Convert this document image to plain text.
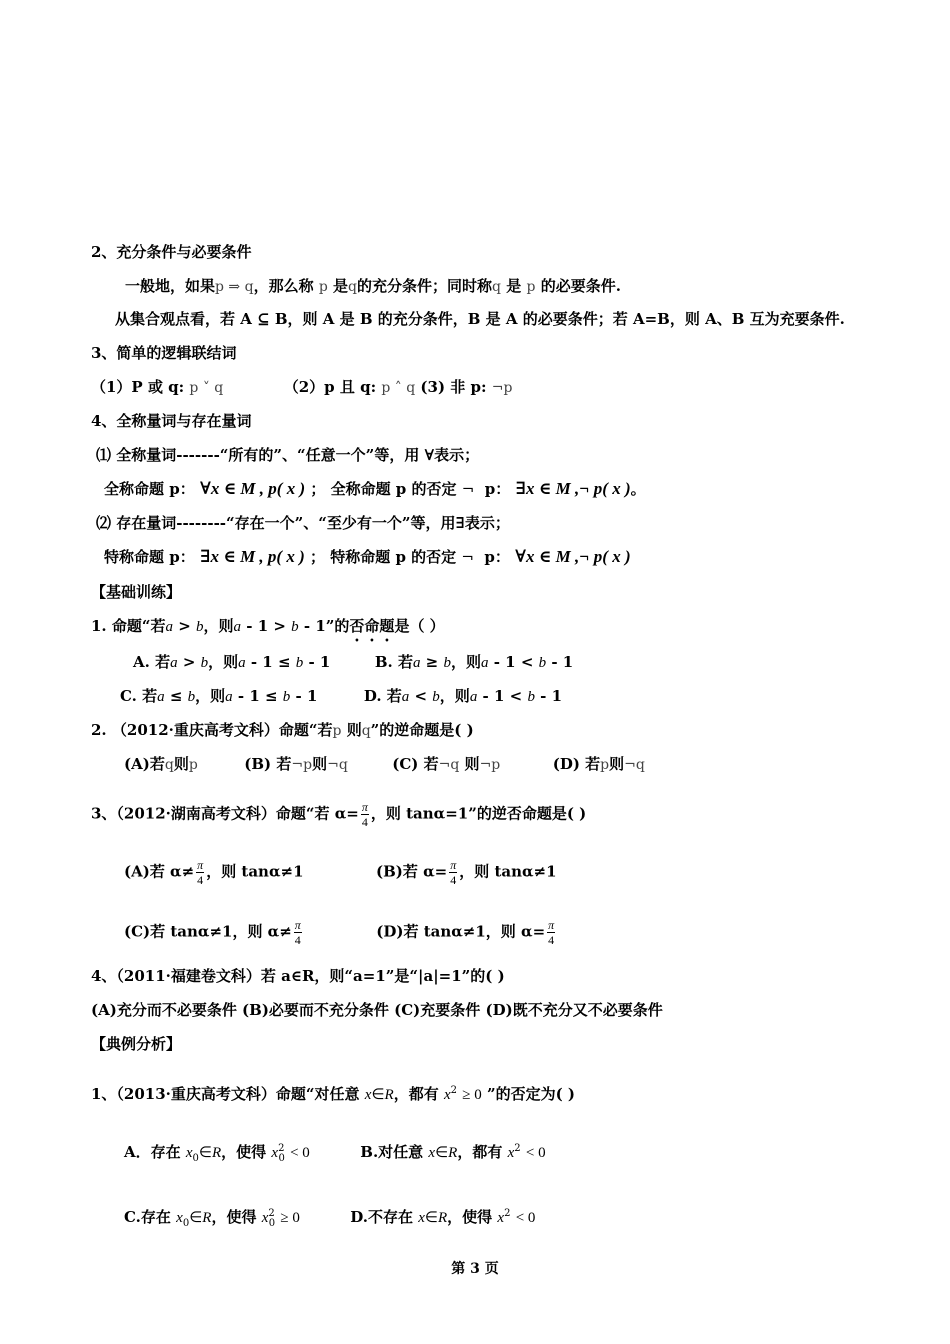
2、充分条件与必要条件
一般地，如果p ⇒ q，那么称 p 是q的充分条件；同时称q 是 p 的必要条件.
从集合观点看，若 A ⊆ B，则 A 是 B 的充分条件，B 是 A 的必要条件；若 A=B，则 A、B 互为充要条件.
3、简单的逻辑联结词
（1）P 或 q: p ˅ q	（2）p 且 q: p ˄ q (3) 非 p: ¬p
4、全称量词与存在量词
⑴ 全称量词-------“所有的”、“任意一个”等，用 ∀表示；
全称命题 p： ∀x ∈ M , p( x ) ； 全称命题 p 的否定 ¬ p： ∃x ∈ M ,¬ p( x )。
⑵ 存在量词--------“存在一个”、“至少有一个”等，用∃表示；
特称命题 p： ∃x ∈ M , p( x ) ； 特称命题 p 的否定 ¬ p： ∀x ∈ M ,¬ p( x )
【基础训练】
1. 命题“若a > b，则a - 1 > b - 1”的否命题是（ ）
A. 若a > b，则a - 1 ≤ b - 1	B. 若a ≥ b，则a - 1 < b - 1
C. 若a ≤ b，则a - 1 ≤ b - 1	D. 若a < b，则a - 1 < b - 1
2. （2012·重庆高考文科）命题“若p 则q”的逆命题是( )
(A)若q则p	(B) 若¬p则¬q	(C) 若¬q 则¬p	(D) 若p则¬q
3、（2012·湖南高考文科）命题“若 $\alpha= \frac{\pi}{4}$ ，则 tanα=1”的逆否命题是( )
(A)若 $\alpha\ne \frac{\pi}{4}$ ，则 tanα≠1	(B)若 $\alpha= \frac{\pi}{4}$ ，则 tanα≠1
(C)若 tanα≠1，则 $\alpha\ne \frac{\pi}{4}$	(D)若 tanα≠1，则 $\alpha= \frac{\pi}{4}$
4、（2011·福建卷文科）若 a∈R，则“a=1”是“|a|=1”的( )
(A)充分而不必要条件 (B)必要而不充分条件 (C)充要条件 (D)既不充分又不必要条件
【典例分析】
1、（2013·重庆高考文科）命题“对任意 x∈R，都有 $x^2 \ge 0$ ”的否定为( )
A．存在 $x_0\in R$，使得 $x^2_0 < 0$	B.对任意 x∈R，都有 $x^2 < 0$
C.存在 $x_0\in R$，使得 $x^2_0 \ge 0$	D.不存在 x∈R，使得 $x^2 < 0$
第 3 页
